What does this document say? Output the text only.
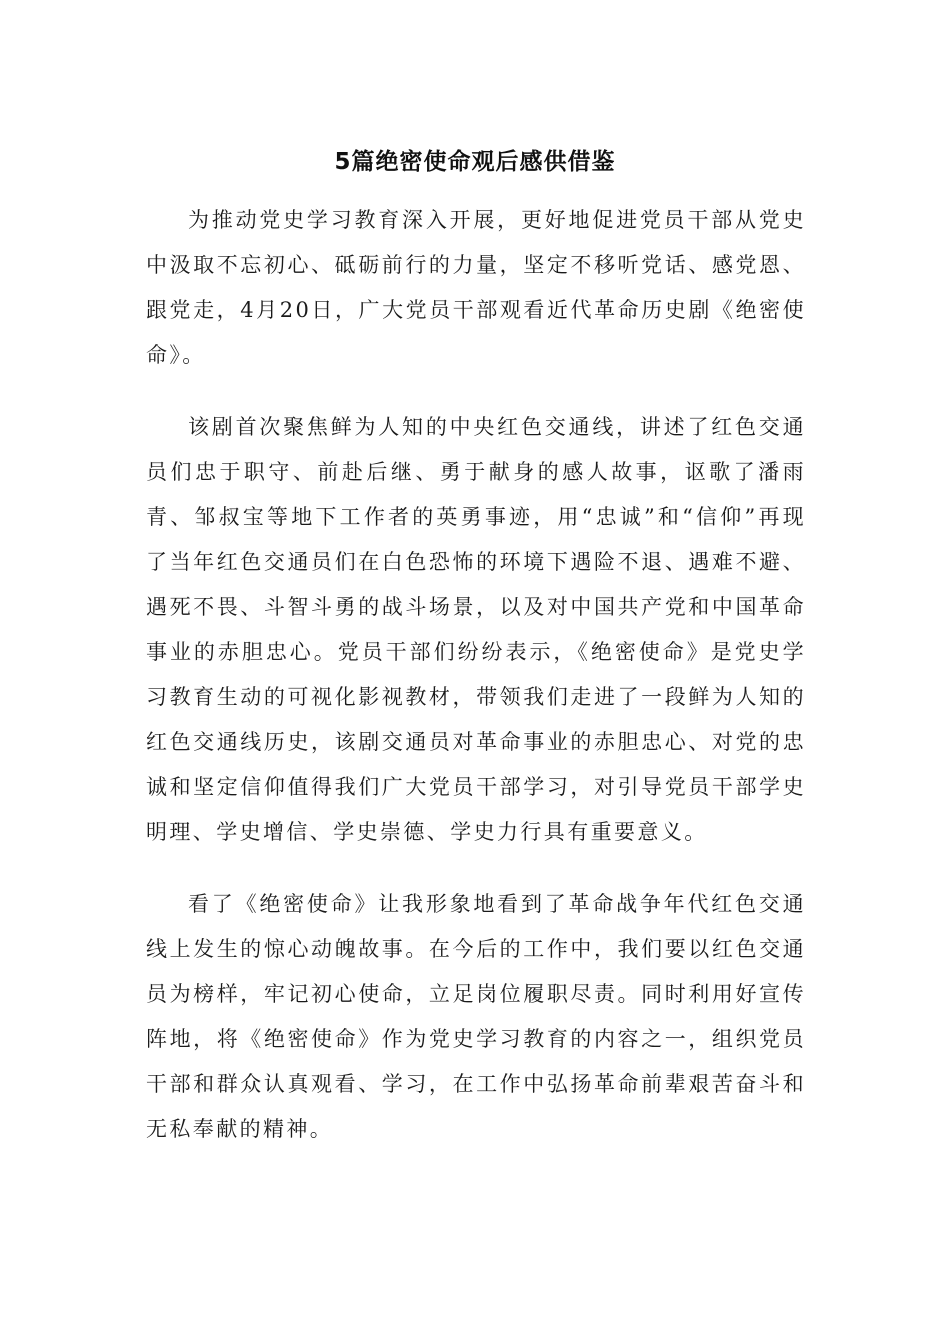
5篇绝密使命观后感供借鉴

为推动党史学习教育深入开展，更好地促进党员干部从党史中汲取不忘初心、砥砺前行的力量，坚定不移听党话、感党恩、跟党走，4月20日，广大党员干部观看近代革命历史剧《绝密使命》。

该剧首次聚焦鲜为人知的中央红色交通线，讲述了红色交通员们忠于职守、前赴后继、勇于献身的感人故事，讴歌了潘雨青、邹叔宝等地下工作者的英勇事迹，用“忠诚”和“信仰”再现了当年红色交通员们在白色恐怖的环境下遇险不退、遇难不避、遇死不畏、斗智斗勇的战斗场景，以及对中国共产党和中国革命事业的赤胆忠心。党员干部们纷纷表示，《绝密使命》是党史学习教育生动的可视化影视教材，带领我们走进了一段鲜为人知的红色交通线历史，该剧交通员对革命事业的赤胆忠心、对党的忠诚和坚定信仰值得我们广大党员干部学习，对引导党员干部学史明理、学史增信、学史崇德、学史力行具有重要意义。

看了《绝密使命》让我形象地看到了革命战争年代红色交通线上发生的惊心动魄故事。在今后的工作中，我们要以红色交通员为榜样，牢记初心使命，立足岗位履职尽责。同时利用好宣传阵地，将《绝密使命》作为党史学习教育的内容之一，组织党员干部和群众认真观看、学习，在工作中弘扬革命前辈艰苦奋斗和无私奉献的精神。
